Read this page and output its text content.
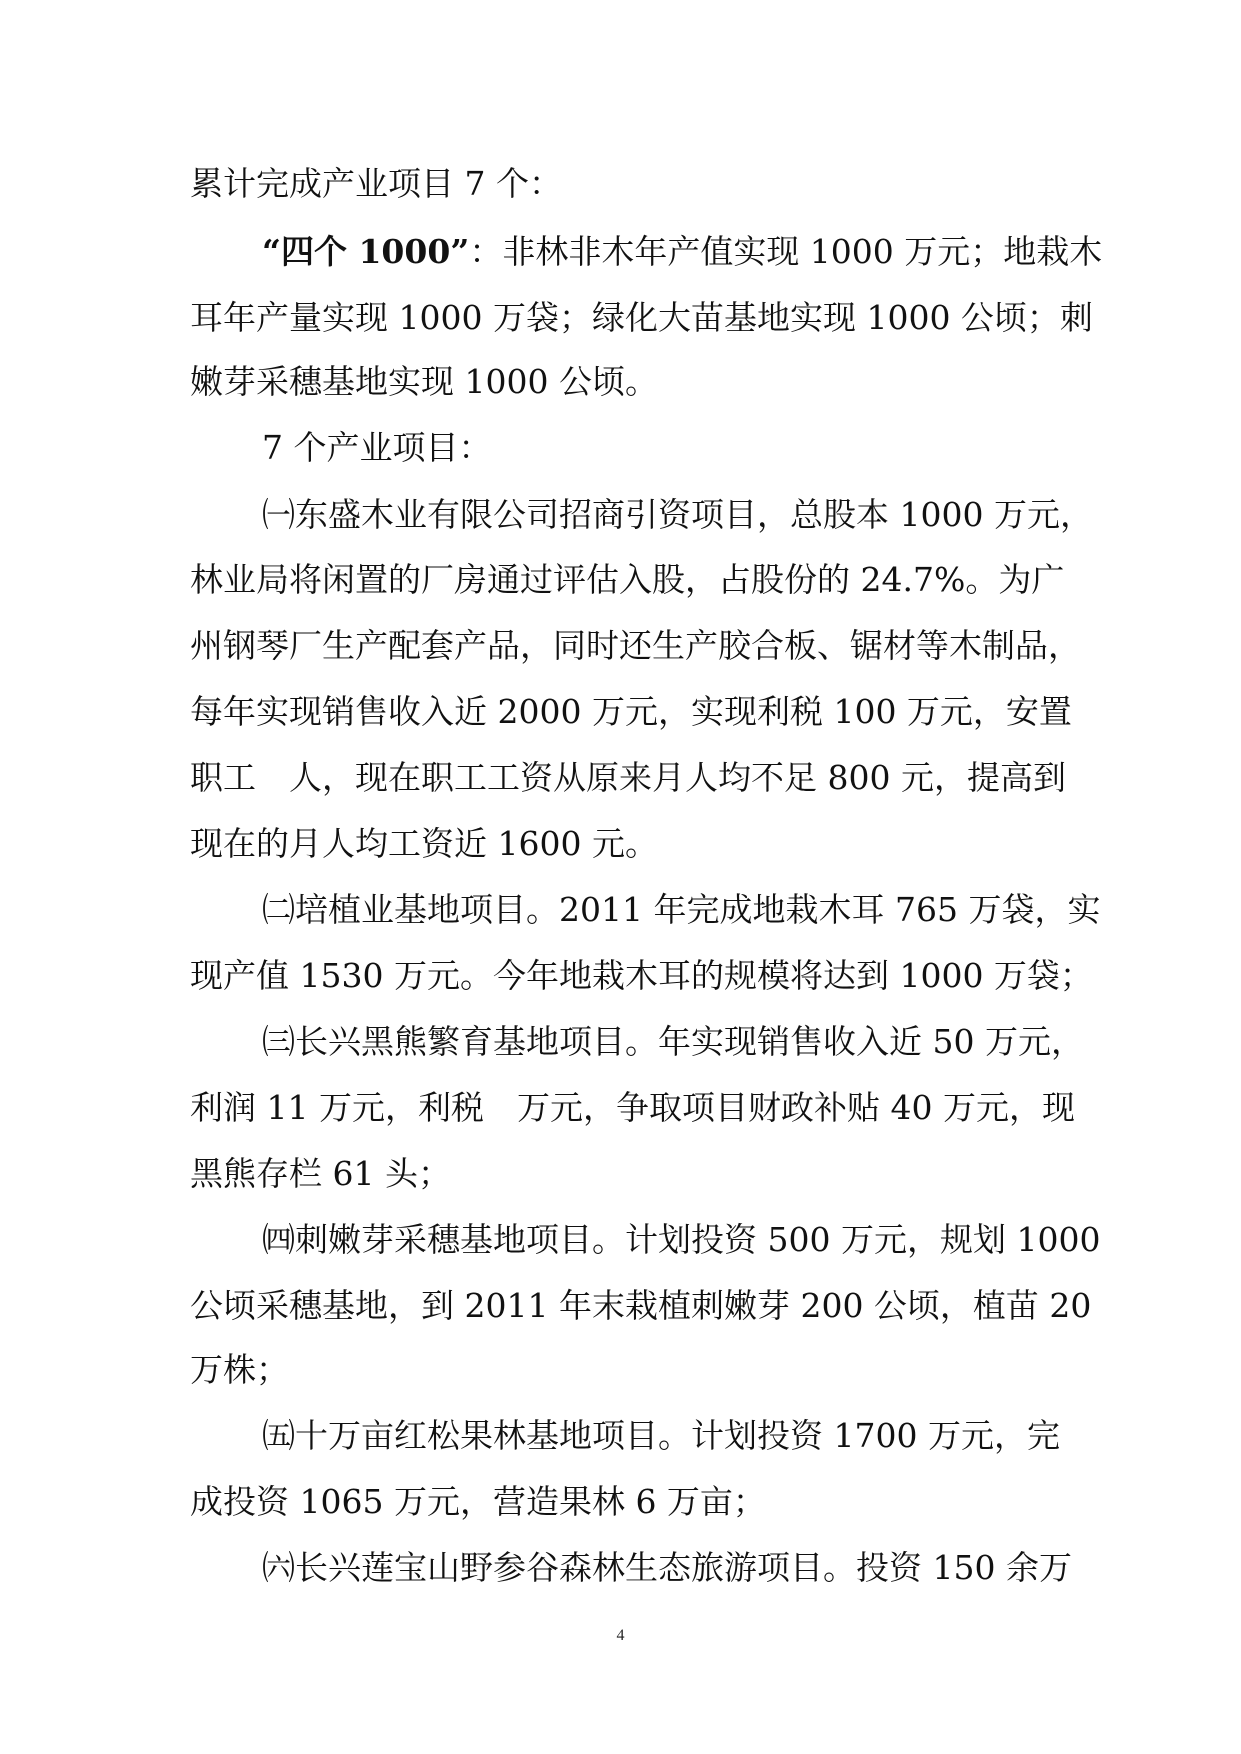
累计完成产业项目 7 个：
“四个 1000”：非林非木年产值实现 1000 万元；地栽木
耳年产量实现 1000 万袋；绿化大苗基地实现 1000 公顷；刺
嫩芽采穗基地实现 1000 公顷。
7 个产业项目：
㈠东盛木业有限公司招商引资项目，总股本 1000 万元，
林业局将闲置的厂房通过评估入股，占股份的 24.7%。为广
州钢琴厂生产配套产品，同时还生产胶合板、锯材等木制品，
每年实现销售收入近 2000 万元，实现利税 100 万元，安置
职工　人，现在职工工资从原来月人均不足 800 元，提高到
现在的月人均工资近 1600 元。
㈡培植业基地项目。2011 年完成地栽木耳 765 万袋，实
现产值 1530 万元。今年地栽木耳的规模将达到 1000 万袋；
㈢长兴黑熊繁育基地项目。年实现销售收入近 50 万元，
利润 11 万元，利税　万元，争取项目财政补贴 40 万元，现
黑熊存栏 61 头；
㈣刺嫩芽采穗基地项目。计划投资 500 万元，规划 1000
公顷采穗基地，到 2011 年末栽植刺嫩芽 200 公顷，植苗 20
万株；
㈤十万亩红松果林基地项目。计划投资 1700 万元，完
成投资 1065 万元，营造果林 6 万亩；
㈥长兴莲宝山野参谷森林生态旅游项目。投资 150 余万
4
